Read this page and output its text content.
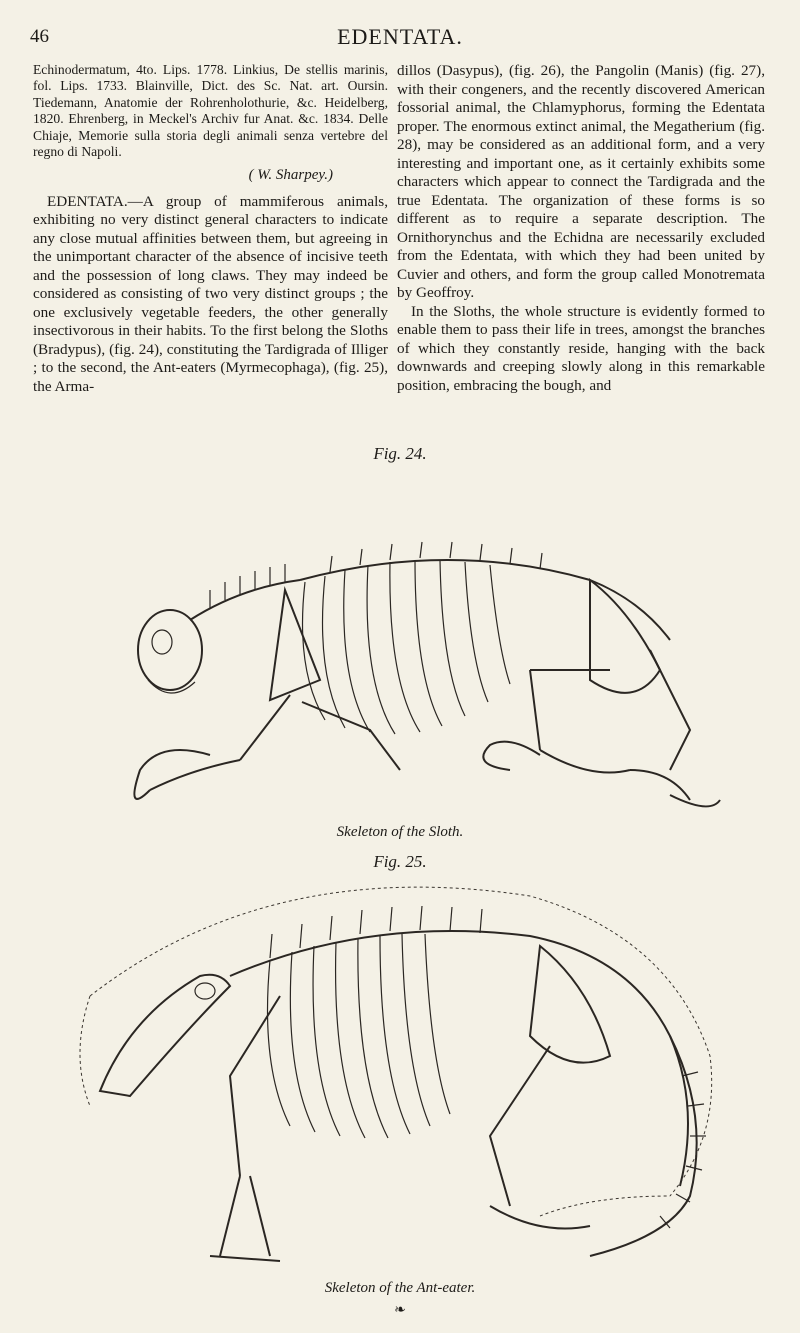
46	EDENTATA.
Echinodermatum, 4to. Lips. 1778. Linkius, De stellis marinis, fol. Lips. 1733. Blainville, Dict. des Sc. Nat. art. Oursin. Tiedemann, Anatomie der Rohrenholothurie, &c. Heidelberg, 1820. Ehrenberg, in Meckel's Archiv fur Anat. &c. 1834. Delle Chiaje, Memorie sulla storia degli animali senza vertebre del regno di Napoli.
( W. Sharpey.)

EDENTATA.—A group of mammiferous animals, exhibiting no very distinct general characters to indicate any close mutual affinities between them, but agreeing in the unimportant character of the absence of incisive teeth and the possession of long claws. They may indeed be considered as consisting of two very distinct groups ; the one exclusively vegetable feeders, the other generally insectivorous in their habits. To the first belong the Sloths (Bradypus), (fig. 24), constituting the Tardigrada of Illiger ; to the second, the Ant-eaters (Myrmecophaga), (fig. 25), the Arma-

dillos (Dasypus), (fig. 26), the Pangolin (Manis) (fig. 27), with their congeners, and the recently discovered American fossorial animal, the Chlamyphorus, forming the Edentata proper. The enormous extinct animal, the Megatherium (fig. 28), may be considered as an additional form, and a very interesting and important one, as it certainly exhibits some characters which appear to connect the Tardigrada and the true Edentata. The organization of these forms is so different as to require a separate description. The Ornithorynchus and the Echidna are necessarily excluded from the Edentata, with which they had been united by Cuvier and others, and form the group called Monotremata by Geoffroy.

In the Sloths, the whole structure is evidently formed to enable them to pass their life in trees, amongst the branches of which they constantly reside, hanging with the back downwards and creeping slowly along in this remarkable position, embracing the bough, and

Fig. 24.
Skeleton of the Sloth.
Fig. 25.
Skeleton of the Ant-eater.
❧
